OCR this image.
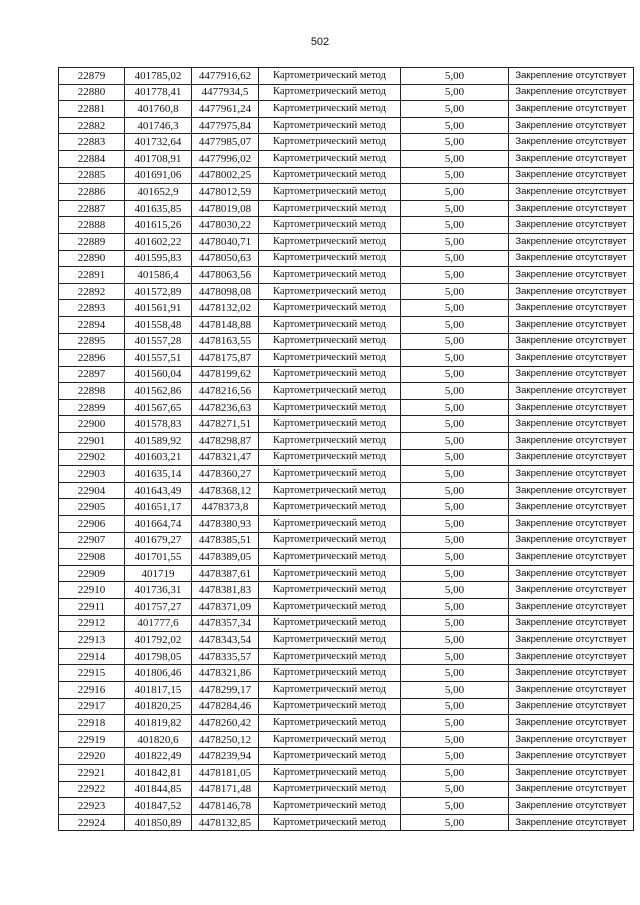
502
22879	401785,02	4477916,62	Картометрический метод	5,00	Закрепление отсутствует
22880	401778,41	4477934,5	Картометрический метод	5,00	Закрепление отсутствует
22881	401760,8	4477961,24	Картометрический метод	5,00	Закрепление отсутствует
22882	401746,3	4477975,84	Картометрический метод	5,00	Закрепление отсутствует
22883	401732,64	4477985,07	Картометрический метод	5,00	Закрепление отсутствует
22884	401708,91	4477996,02	Картометрический метод	5,00	Закрепление отсутствует
22885	401691,06	4478002,25	Картометрический метод	5,00	Закрепление отсутствует
22886	401652,9	4478012,59	Картометрический метод	5,00	Закрепление отсутствует
22887	401635,85	4478019,08	Картометрический метод	5,00	Закрепление отсутствует
22888	401615,26	4478030,22	Картометрический метод	5,00	Закрепление отсутствует
22889	401602,22	4478040,71	Картометрический метод	5,00	Закрепление отсутствует
22890	401595,83	4478050,63	Картометрический метод	5,00	Закрепление отсутствует
22891	401586,4	4478063,56	Картометрический метод	5,00	Закрепление отсутствует
22892	401572,89	4478098,08	Картометрический метод	5,00	Закрепление отсутствует
22893	401561,91	4478132,02	Картометрический метод	5,00	Закрепление отсутствует
22894	401558,48	4478148,88	Картометрический метод	5,00	Закрепление отсутствует
22895	401557,28	4478163,55	Картометрический метод	5,00	Закрепление отсутствует
22896	401557,51	4478175,87	Картометрический метод	5,00	Закрепление отсутствует
22897	401560,04	4478199,62	Картометрический метод	5,00	Закрепление отсутствует
22898	401562,86	4478216,56	Картометрический метод	5,00	Закрепление отсутствует
22899	401567,65	4478236,63	Картометрический метод	5,00	Закрепление отсутствует
22900	401578,83	4478271,51	Картометрический метод	5,00	Закрепление отсутствует
22901	401589,92	4478298,87	Картометрический метод	5,00	Закрепление отсутствует
22902	401603,21	4478321,47	Картометрический метод	5,00	Закрепление отсутствует
22903	401635,14	4478360,27	Картометрический метод	5,00	Закрепление отсутствует
22904	401643,49	4478368,12	Картометрический метод	5,00	Закрепление отсутствует
22905	401651,17	4478373,8	Картометрический метод	5,00	Закрепление отсутствует
22906	401664,74	4478380,93	Картометрический метод	5,00	Закрепление отсутствует
22907	401679,27	4478385,51	Картометрический метод	5,00	Закрепление отсутствует
22908	401701,55	4478389,05	Картометрический метод	5,00	Закрепление отсутствует
22909	401719	4478387,61	Картометрический метод	5,00	Закрепление отсутствует
22910	401736,31	4478381,83	Картометрический метод	5,00	Закрепление отсутствует
22911	401757,27	4478371,09	Картометрический метод	5,00	Закрепление отсутствует
22912	401777,6	4478357,34	Картометрический метод	5,00	Закрепление отсутствует
22913	401792,02	4478343,54	Картометрический метод	5,00	Закрепление отсутствует
22914	401798,05	4478335,57	Картометрический метод	5,00	Закрепление отсутствует
22915	401806,46	4478321,86	Картометрический метод	5,00	Закрепление отсутствует
22916	401817,15	4478299,17	Картометрический метод	5,00	Закрепление отсутствует
22917	401820,25	4478284,46	Картометрический метод	5,00	Закрепление отсутствует
22918	401819,82	4478260,42	Картометрический метод	5,00	Закрепление отсутствует
22919	401820,6	4478250,12	Картометрический метод	5,00	Закрепление отсутствует
22920	401822,49	4478239,94	Картометрический метод	5,00	Закрепление отсутствует
22921	401842,81	4478181,05	Картометрический метод	5,00	Закрепление отсутствует
22922	401844,85	4478171,48	Картометрический метод	5,00	Закрепление отсутствует
22923	401847,52	4478146,78	Картометрический метод	5,00	Закрепление отсутствует
22924	401850,89	4478132,85	Картометрический метод	5,00	Закрепление отсутствует
